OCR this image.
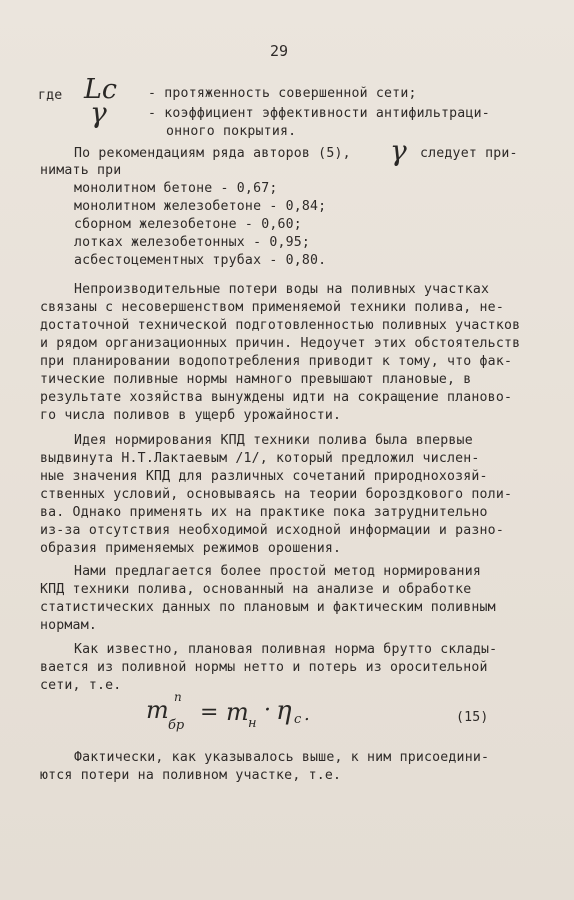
29
где Lс - протяженность совершенной сети;
γ	- коэффициент эффективности антифильтраци-
онного покрытия.
По рекомендациям ряда авторов (5), γ следует при-
нимать при
монолитном бетоне - 0,67;
монолитном железобетоне - 0,84;
сборном железобетоне - 0,60;
лотках железобетонных - 0,95;
асбестоцементных трубах - 0,80.
Непроизводительные потери воды на поливных участках
связаны с несовершенством применяемой техники полива, не-
достаточной технической подготовленностью поливных участков
и рядом организационных причин. Недоучет этих обстоятельств
при планировании водопотребления приводит к тому, что фак-
тические поливные нормы намного превышают плановые, в
результате хозяйства вынуждены идти на сокращение планово-
го числа поливов в ущерб урожайности.
Идея нормирования КПД техники полива была впервые
выдвинута Н.Т.Лактаевым /1/, который предложил числен-
ные значения КПД для различных сочетаний природнохозяй-
ственных условий, основываясь на теории бороздкового поли-
ва. Однако применять их на практике пока затруднительно
из-за отсутствия необходимой исходной информации и разно-
образия применяемых режимов орошения.
Нами предлагается более простой метод нормирования
КПД техники полива, основанный на анализе и обработке
статистических данных по плановым и фактическим поливным
нормам.
Как известно, плановая поливная норма брутто склады-
вается из поливной нормы нетто и потерь из оросительной
сети, т.е.
m п
бр
= m н
· η с .	(15)
Фактически, как указывалось выше, к ним присоедини-
ются потери на поливном участке, т.е.
